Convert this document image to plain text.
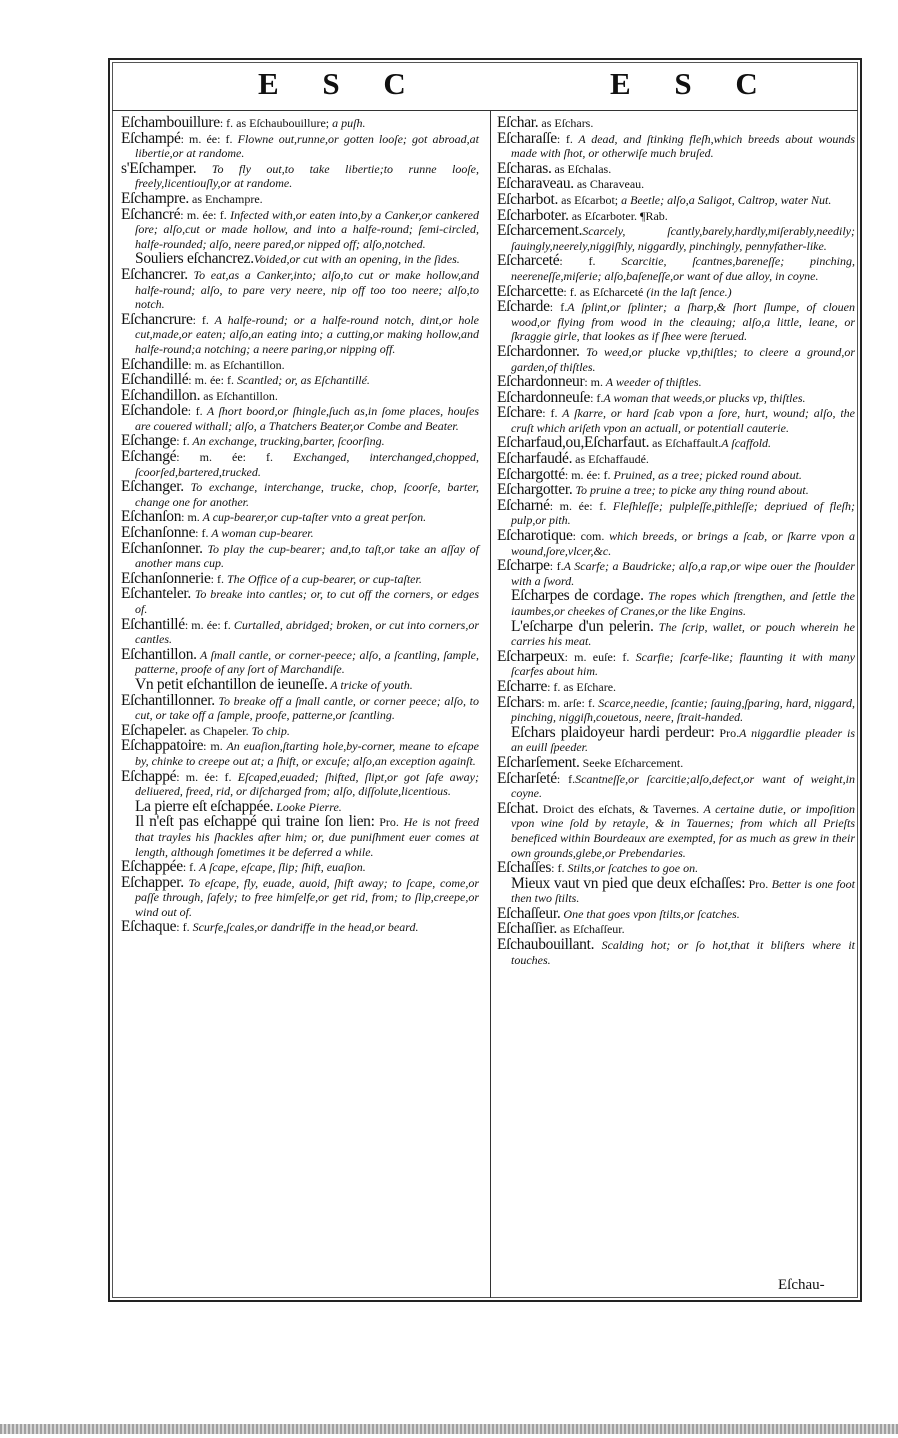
E S C	E S C
Eſchambouillure: f. as Eſchaubouillure; a puſh.
Eſchampé: m. ée: f. Flowne out,runne,or gotten looſe; got abroad,at libertie,or at randome.
s'Eſchamper. To fly out,to take libertie;to runne looſe, freely,licentiouſly,or at randome.
Eſchampre. as Enchampre.
Eſchancré: m. ée: f. Infected with,or eaten into,by a Canker,or cankered ſore; alſo,cut or made hollow, and into a halfe-round; ſemi-circled, halfe-rounded; alſo, neere pared,or nipped off; alſo,notched.
Souliers eſchancrez.Voided,or cut with an opening, in the ſides.
Eſchancrer. To eat,as a Canker,into; alſo,to cut or make hollow,and halfe-round; alſo, to pare very neere, nip off too too neere; alſo,to notch.
Eſchancrure: f. A halfe-round; or a halfe-round notch, dint,or hole cut,made,or eaten; alſo,an eating into; a cutting,or making hollow,and halfe-round;a notching; a neere paring,or nipping off.
Eſchandille: m. as Eſchantillon.
Eſchandillé: m. ée: f. Scantled; or, as Eſchantillé.
Eſchandillon. as Eſchantillon.
Eſchandole: f. A ſhort boord,or ſhingle,ſuch as,in ſome places, houſes are couered withall; alſo, a Thatchers Beater,or Combe and Beater.
Eſchange: f. An exchange, trucking,barter, ſcoorſing.
Eſchangé: m. ée: f. Exchanged, interchanged,chopped, ſcoorſed,bartered,trucked.
Eſchanger. To exchange, interchange, trucke, chop, ſcoorſe, barter, change one for another.
Eſchanſon: m. A cup-bearer,or cup-taſter vnto a great perſon.
Eſchanſonne: f. A woman cup-bearer.
Eſchanſonner. To play the cup-bearer; and,to taſt,or take an aſſay of another mans cup.
Eſchanſonnerie: f. The Office of a cup-bearer, or cup-taſter.
Eſchanteler. To breake into cantles; or, to cut off the corners, or edges of.
Eſchantillé: m. ée: f. Curtalled, abridged; broken, or cut into corners,or cantles.
Eſchantillon. A ſmall cantle, or corner-peece; alſo, a ſcantling, ſample, patterne, proofe of any ſort of Marchandiſe.
Vn petit eſchantillon de ieuneſſe. A tricke of youth.
Eſchantillonner. To breake off a ſmall cantle, or corner peece; alſo, to cut, or take off a ſample, proofe, patterne,or ſcantling.
Eſchapeler. as Chapeler. To chip.
Eſchappatoire: m. An euaſion,ſtarting hole,by-corner, meane to eſcape by, chinke to creepe out at; a ſhift, or excuſe; alſo,an exception againſt.
Eſchappé: m. ée: f. Eſcaped,euaded; ſhifted, ſlipt,or got ſafe away; deliuered, freed, rid, or diſcharged from; alſo, diſſolute,licentious.
La pierre eſt eſchappée. Looke Pierre.
Il n'eſt pas eſchappé qui traine ſon lien: Pro. He is not freed that trayles his ſhackles after him; or, due puniſhment euer comes at length, although ſometimes it be deferred a while.
Eſchappée: f. A ſcape, eſcape, ſlip; ſhift, euaſion.
Eſchapper. To eſcape, fly, euade, auoid, ſhift away; to ſcape, come,or paſſe through, ſafely; to free himſelfe,or get rid, from; to ſlip,creepe,or wind out of.
Eſchaque: f. Scurfe,ſcales,or dandriffe in the head,or beard.
Eſchar. as Eſchars.
Eſcharaſſe: f. A dead, and ſtinking fleſh,which breeds about wounds made with ſhot, or otherwiſe much bruſed.
Eſcharas. as Eſchalas.
Eſcharaveau. as Charaveau.
Eſcharbot. as Eſcarbot; a Beetle; alſo,a Saligot, Caltrop, water Nut.
Eſcharboter. as Eſcarboter. ¶Rab.
Eſcharcement.Scarcely, ſcantly,barely,hardly,miſerably,needily; ſauingly,neerely,niggiſhly, niggardly, pinchingly, pennyfather-like.
Eſcharceté: f. Scarcitie, ſcantnes,bareneſſe; pinching, neereneſſe,miſerie; alſo,baſeneſſe,or want of due alloy, in coyne.
Eſcharcette: f. as Eſcharceté (in the laſt ſence.)
Eſcharde: f.A ſplint,or ſplinter; a ſharp,& ſhort ſlumpe, of clouen wood,or flying from wood in the cleauing; alſo,a little, leane, or ſkraggie girle, that lookes as if ſhee were ſterued.
Eſchardonner. To weed,or plucke vp,thiſtles; to cleere a ground,or garden,of thiſtles.
Eſchardonneur: m. A weeder of thiſtles.
Eſchardonneuſe: f.A woman that weeds,or plucks vp, thiſtles.
Eſchare: f. A ſkarre, or hard ſcab vpon a ſore, hurt, wound; alſo, the cruſt which ariſeth vpon an actuall, or potentiall cauterie.
Eſcharfaud,ou,Eſcharfaut. as Eſchaffault.A ſcaffold.
Eſcharfaudé. as Eſchaffaudé.
Eſchargotté: m. ée: f. Pruined, as a tree; picked round about.
Eſchargotter. To pruine a tree; to picke any thing round about.
Eſcharné: m. ée: f. Fleſhleſſe; pulpleſſe,pithleſſe; depriued of fleſh; pulp,or pith.
Eſcharotique: com. which breeds, or brings a ſcab, or ſkarre vpon a wound,ſore,vlcer,&c.
Eſcharpe: f.A Scarfe; a Baudricke; alſo,a rap,or wipe ouer the ſhoulder with a ſword.
Eſcharpes de cordage. The ropes which ſtrengthen, and ſettle the iaumbes,or cheekes of Cranes,or the like Engins.
L'eſcharpe d'un pelerin. The ſcrip, wallet, or pouch wherein he carries his meat.
Eſcharpeux: m. euſe: f. Scarfie; ſcarfe-like; flaunting it with many ſcarfes about him.
Eſcharre: f. as Eſchare.
Eſchars: m. arſe: f. Scarce,needie, ſcantie; ſauing,ſparing, hard, niggard, pinching, niggiſh,couetous, neere, ſtrait-handed.
Eſchars plaidoyeur hardi perdeur: Pro.A niggardlie pleader is an euill ſpeeder.
Eſcharſement. Seeke Eſcharcement.
Eſcharſeté: f.Scantneſſe,or ſcarcitie;alſo,defect,or want of weight,in coyne.
Eſchat. Droict des eſchats, & Tavernes. A certaine dutie, or impoſition vpon wine ſold by retayle, & in Tauernes; from which all Prieſts beneficed within Bourdeaux are exempted, for as much as grew in their own grounds,glebe,or Prebendaries.
Eſchaſſes: f. Stilts,or ſcatches to goe on.
Mieux vaut vn pied que deux eſchaſſes: Pro. Better is one foot then two ſtilts.
Eſchaſſeur. One that goes vpon ſtilts,or ſcatches.
Eſchaſſier. as Eſchaſſeur.
Eſchaubouillant. Scalding hot; or ſo hot,that it bliſters where it touches.
Eſchau-
